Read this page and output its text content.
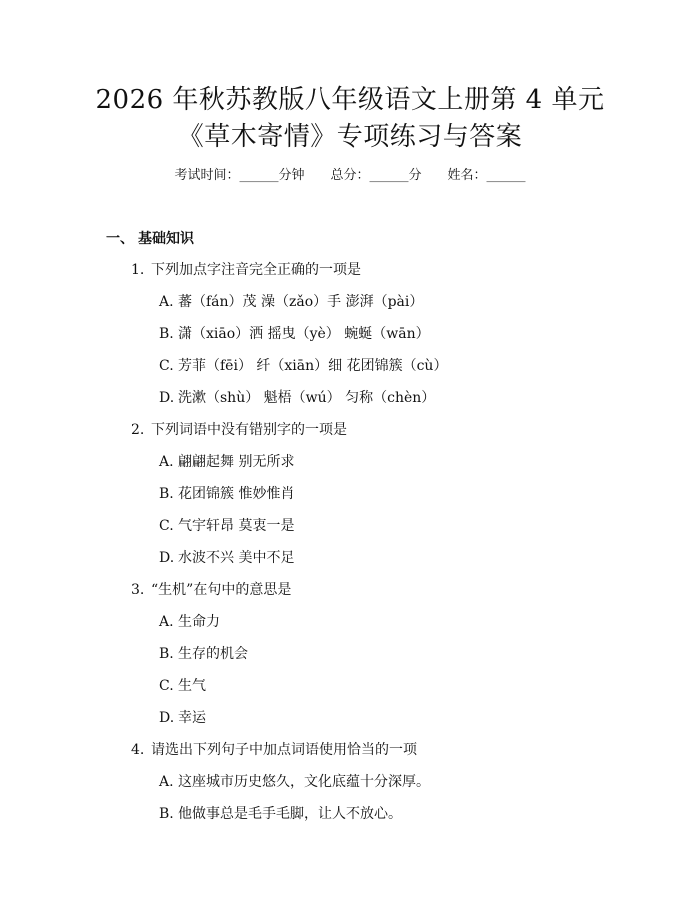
2026 年秋苏教版八年级语文上册第 4 单元
《草木寄情》专项练习与答案
考试时间：______分钟 总分：______分 姓名：______
一、 基础知识
1. 下列加点字注音完全正确的一项是
A. 蕃（fán）茂 澡（zǎo）手 澎湃（pài）
B. 潇（xiāo）洒 摇曳（yè） 蜿蜒（wān）
C. 芳菲（fēi） 纤（xiān）细 花团锦簇（cù）
D. 洗漱（shù） 魁梧（wú） 匀称（chèn）
2. 下列词语中没有错别字的一项是
A. 翩翩起舞 别无所求
B. 花团锦簇 惟妙惟肖
C. 气宇轩昂 莫衷一是
D. 水波不兴 美中不足
3. “生机”在句中的意思是
A. 生命力
B. 生存的机会
C. 生气
D. 幸运
4. 请选出下列句子中加点词语使用恰当的一项
A. 这座城市历史悠久，文化底蕴十分深厚。
B. 他做事总是毛手毛脚，让人不放心。
